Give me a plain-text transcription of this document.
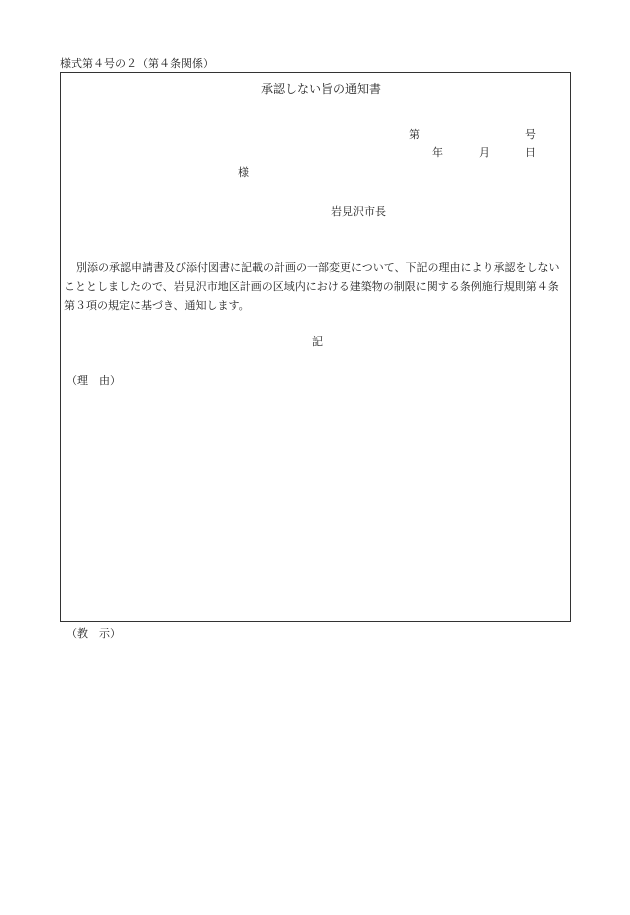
様式第４号の２（第４条関係）
承認しない旨の通知書
第	号
年	月	日
様
岩見沢市長
別添の承認申請書及び添付図書に記載の計画の一部変更について、下記の理由により承認をしないこととしましたので、岩見沢市地区計画の区域内における建築物の制限に関する条例施行規則第４条第３項の規定に基づき、通知します。
記
（理　由）
（教　示）
